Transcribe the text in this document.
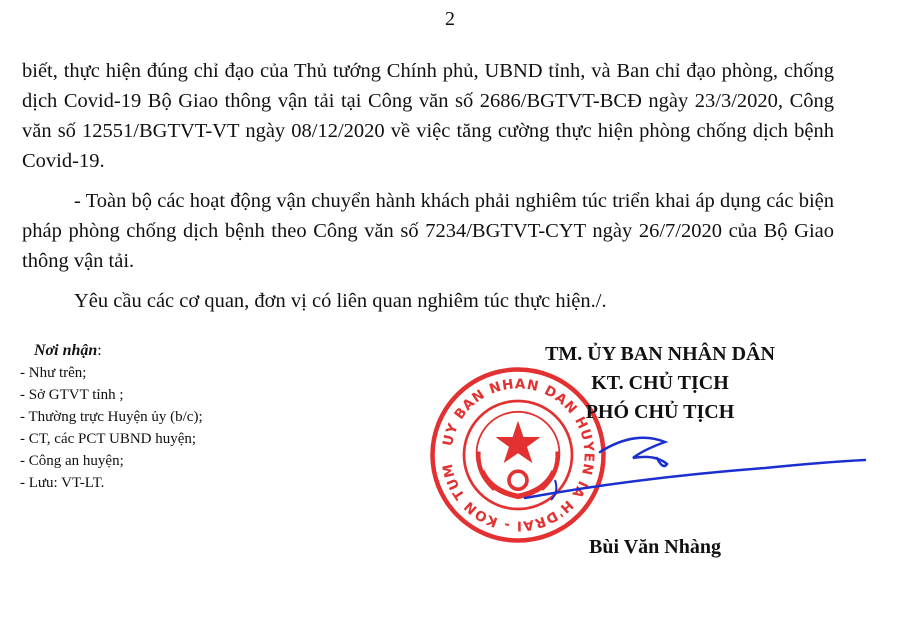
2

biết, thực hiện đúng chỉ đạo của Thủ tướng Chính phủ, UBND tỉnh, và Ban chỉ đạo phòng, chống dịch Covid-19 Bộ Giao thông vận tải tại Công văn số 2686/BGTVT-BCĐ ngày 23/3/2020, Công văn số 12551/BGTVT-VT ngày 08/12/2020 về việc tăng cường thực hiện phòng chống dịch bệnh Covid-19.

- Toàn bộ các hoạt động vận chuyển hành khách phải nghiêm túc triển khai áp dụng các biện pháp phòng chống dịch bệnh theo Công văn số 7234/BGTVT-CYT ngày 26/7/2020 của Bộ Giao thông vận tải.

Yêu cầu các cơ quan, đơn vị có liên quan nghiêm túc thực hiện./.

Nơi nhận:
- Như trên;
- Sở GTVT tỉnh ;
- Thường trực Huyện ủy (b/c);
- CT, các PCT UBND huyện;
- Công an huyện;
- Lưu: VT-LT.
UY BAN NHAN DAN HUYEN IA H'DRAI - KON TUM
TM. ỦY BAN NHÂN DÂN
KT. CHỦ TỊCH
PHÓ CHỦ TỊCH
Bùi Văn Nhàng
